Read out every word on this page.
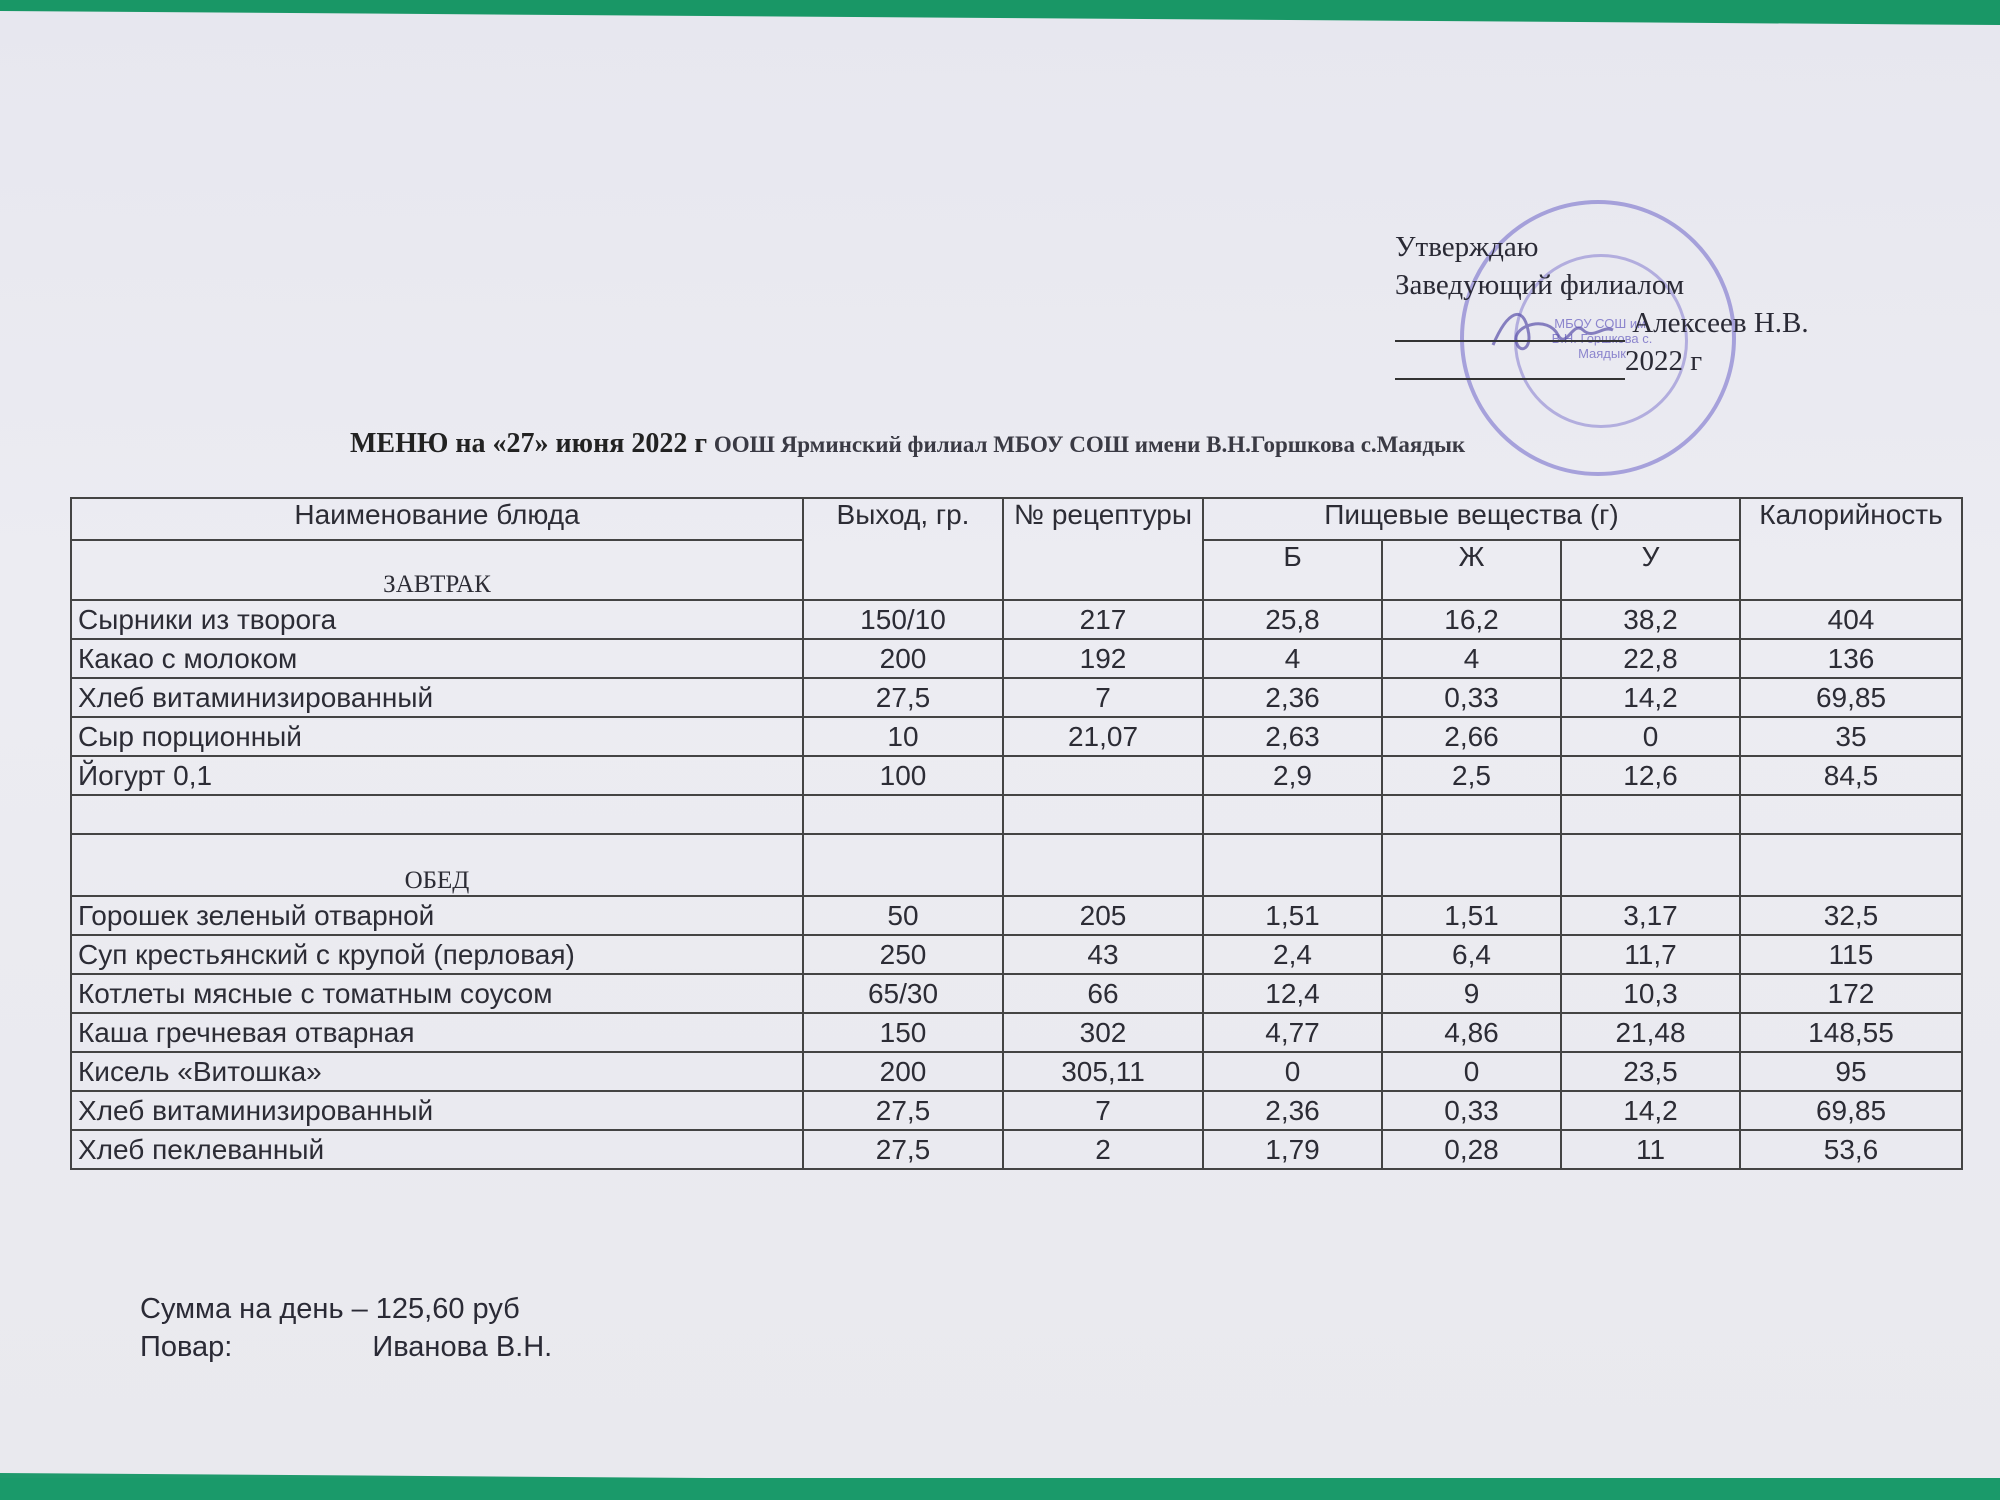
МБОУ СОШ им. В.Н. Горшкова с. Маядык
Утверждаю
Заведующий филиалом
Алексеев Н.В.
2022 г
МЕНЮ на «27» июня 2022 г ООШ Ярминский филиал МБОУ СОШ имени В.Н.Горшкова с.Маядык
Наименование блюда	Выход, гр.	№ рецептуры	Пищевые вещества (г)			Калорийность
ЗАВТРАК			Б	Ж	У	
Сырники из творога	150/10	217	25,8	16,2	38,2	404
Какао с молоком	200	192	4	4	22,8	136
Хлеб витаминизированный	27,5	7	2,36	0,33	14,2	69,85
Сыр порционный	10	21,07	2,63	2,66	0	35
Йогурт 0,1	100		2,9	2,5	12,6	84,5

ОБЕД						
Горошек зеленый отварной	50	205	1,51	1,51	3,17	32,5
Суп крестьянский с крупой (перловая)	250	43	2,4	6,4	11,7	115
Котлеты мясные с томатным соусом	65/30	66	12,4	9	10,3	172
Каша гречневая отварная	150	302	4,77	4,86	21,48	148,55
Кисель «Витошка»	200	305,11	0	0	23,5	95
Хлеб витаминизированный	27,5	7	2,36	0,33	14,2	69,85
Хлеб пеклеванный	27,5	2	1,79	0,28	11	53,6
Сумма на день – 125,60 руб
Повар:	Иванова В.Н.
